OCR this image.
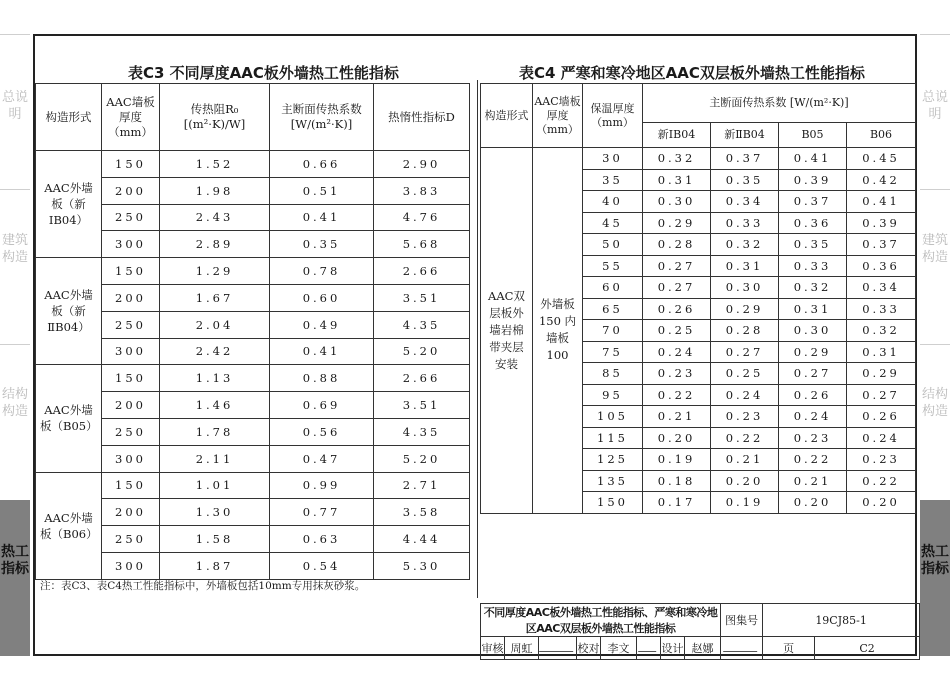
总说明
建筑构造
结构构造
热工指标
总说明
建筑构造
结构构造
热工指标
表C3 不同厚度AAC板外墙热工性能指标
构造形式	AAC墙板厚度（mm）	传热阻R₀ [(m²·K)/W]	主断面传热系数 [W/(m²·K)]	热惰性指标D
AAC外墙板（新ⅠB04）	150	1.52	0.66	2.90
	200	1.98	0.51	3.83
	250	2.43	0.41	4.76
	300	2.89	0.35	5.68
AAC外墙板（新ⅡB04）	150	1.29	0.78	2.66
	200	1.67	0.60	3.51
	250	2.04	0.49	4.35
	300	2.42	0.41	5.20
AAC外墙板（B05）	150	1.13	0.88	2.66
	200	1.46	0.69	3.51
	250	1.78	0.56	4.35
	300	2.11	0.47	5.20
AAC外墙板（B06）	150	1.01	0.99	2.71
	200	1.30	0.77	3.58
	250	1.58	0.63	4.44
	300	1.87	0.54	5.30
注：表C3、表C4热工性能指标中，外墙板包括10mm专用抹灰砂浆。
表C4 严寒和寒冷地区AAC双层板外墙热工性能指标
构造形式	AAC墙板厚度（mm）	保温厚度（mm）	主断面传热系数 [W/(m²·K)]			
			新ⅠB04	新ⅡB04	B05	B06
AAC双层板外墙岩棉带夹层安装	外墙板150 内墙板100	30	0.32	0.37	0.41	0.45
		35	0.31	0.35	0.39	0.42
		40	0.30	0.34	0.37	0.41
		45	0.29	0.33	0.36	0.39
		50	0.28	0.32	0.35	0.37
		55	0.27	0.31	0.33	0.36
		60	0.27	0.30	0.32	0.34
		65	0.26	0.29	0.31	0.33
		70	0.25	0.28	0.30	0.32
		75	0.24	0.27	0.29	0.31
		85	0.23	0.25	0.27	0.29
		95	0.22	0.24	0.26	0.27
		105	0.21	0.23	0.24	0.26
		115	0.20	0.22	0.23	0.24
		125	0.19	0.21	0.22	0.23
		135	0.18	0.20	0.21	0.22
		150	0.17	0.19	0.20	0.20
不同厚度AAC板外墙热工性能指标、严寒和寒冷地区AAC双层板外墙热工性能指标								图集号	19CJ85-1	
审核	周虹		校对	李文		设计	赵娜		页	C2
